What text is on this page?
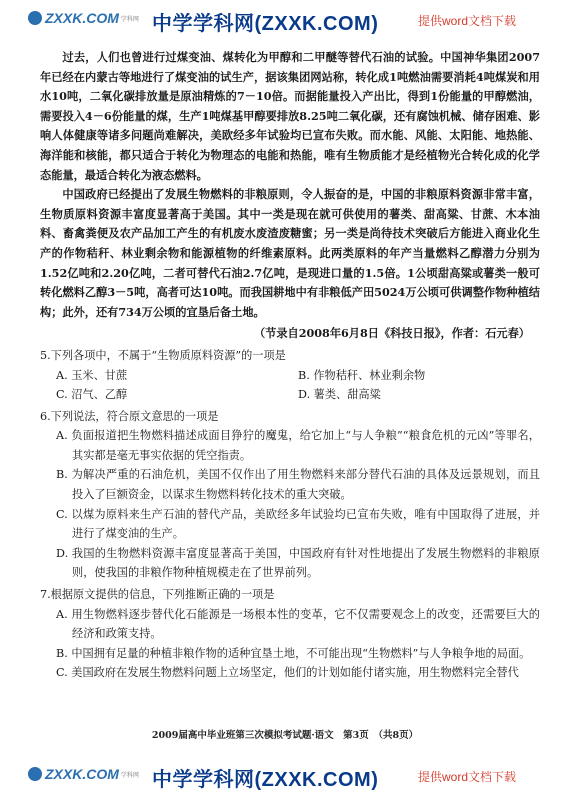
ZXXK.COM 学科网 中学学科网(ZXXK.COM)	提供word文档下载

过去，人们也曾进行过煤变油、煤转化为甲醇和二甲醚等替代石油的试验。中国神华集团2007年已经在内蒙古等地进行了煤变油的试生产，据该集团网站称，转化成1吨燃油需要消耗4吨煤炭和用水10吨，二氧化碳排放量是原油精炼的7－10倍。而据能量投入产出比，得到1份能量的甲醇燃油，需要投入4－6份能量的煤，生产1吨煤基甲醇要排放8.25吨二氧化碳，还有腐蚀机械、储存困难、影响人体健康等诸多问题尚难解决，美欧经多年试验均已宣布失败。而水能、风能、太阳能、地热能、海洋能和核能，都只适合于转化为物理态的电能和热能，唯有生物质能才是经植物光合转化成的化学态能量，最适合转化为液态燃料。

中国政府已经提出了发展生物燃料的非粮原则，令人振奋的是，中国的非粮原料资源非常丰富，生物质原料资源丰富度显著高于美国。其中一类是现在就可供使用的薯类、甜高粱、甘蔗、木本油料、畜禽粪便及农产品加工产生的有机废水废渣废糖蜜；另一类是尚待技术突破后方能进入商业化生产的作物秸秆、林业剩余物和能源植物的纤维素原料。此两类原料的年产当量燃料乙醇潜力分别为1.52亿吨和2.20亿吨，二者可替代石油2.7亿吨，是现进口量的1.5倍。1公顷甜高粱或薯类一般可转化燃料乙醇3－5吨，高者可达10吨。而我国耕地中有非粮低产田5024万公顷可供调整作物种植结构；此外，还有734万公顷的宜垦后备土地。

（节录自2008年6月8日《科技日报》，作者：石元春）
5.下列各项中，不属于“生物质原料资源”的一项是
A. 玉米、甘蔗	B. 作物秸秆、林业剩余物
C. 沼气、乙醇	D. 薯类、甜高粱
6.下列说法，符合原文意思的一项是
A. 负面报道把生物燃料描述成面目狰狞的魔鬼，给它加上“与人争粮”“粮食危机的元凶”等罪名，其实都是毫无事实依据的凭空指责。
B. 为解决严重的石油危机，美国不仅作出了用生物燃料来部分替代石油的具体及远景规划，而且投入了巨额资金，以谋求生物燃料转化技术的重大突破。
C. 以煤为原料来生产石油的替代产品，美欧经多年试验均已宣布失败，唯有中国取得了进展，并进行了煤变油的生产。
D. 我国的生物燃料资源丰富度显著高于美国，中国政府有针对性地提出了发展生物燃料的非粮原则，使我国的非粮作物种植规模走在了世界前列。
7.根据原文提供的信息，下列推断正确的一项是
A. 用生物燃料逐步替代化石能源是一场根本性的变革，它不仅需要观念上的改变，还需要巨大的经济和政策支持。
B. 中国拥有足量的种植非粮作物的适种宜垦土地，不可能出现“生物燃料”与人争粮争地的局面。
C. 美国政府在发展生物燃料问题上立场坚定，他们的计划如能付诸实施，用生物燃料完全替代
2009届高中毕业班第三次模拟考试题·语文　第3页　（共8页）
ZXXK.COM 学科网 中学学科网(ZXXK.COM)	提供word文档下载
